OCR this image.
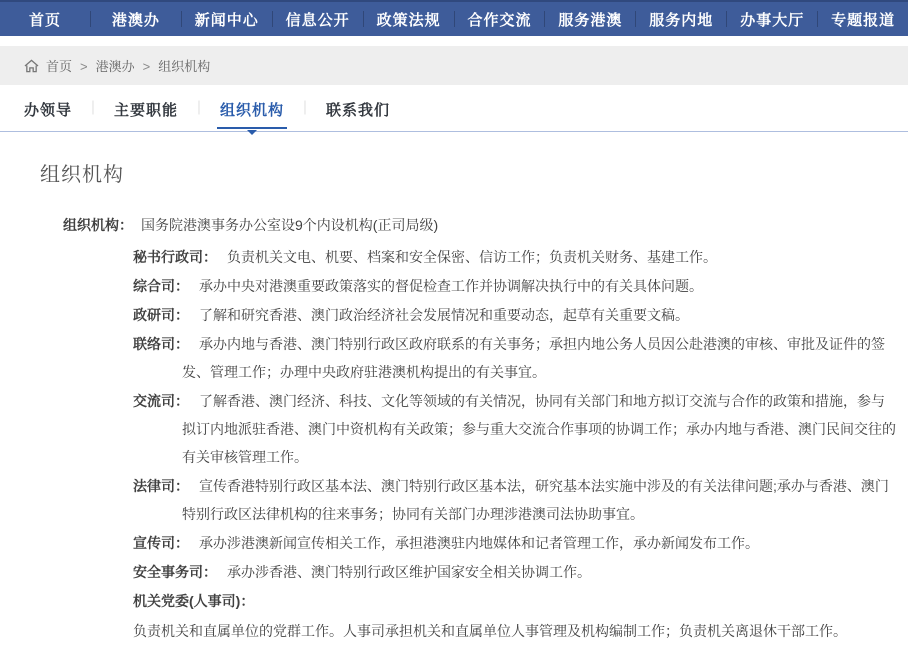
首页	港澳办	新闻中心	信息公开	政策法规	合作交流	服务港澳	服务内地	办事大厅	专题报道
首页 > 港澳办 > 组织机构
办领导 ｜ 主要职能 ｜ 组织机构 ｜ 联系我们
组织机构

组织机构： 国务院港澳事务办公室设9个内设机构(正司局级)

秘书行政司： 负责机关文电、机要、档案和安全保密、信访工作；负责机关财务、基建工作。

综合司： 承办中央对港澳重要政策落实的督促检查工作并协调解决执行中的有关具体问题。

政研司： 了解和研究香港、澳门政治经济社会发展情况和重要动态，起草有关重要文稿。

联络司： 承办内地与香港、澳门特别行政区政府联系的有关事务；承担内地公务人员因公赴港澳的审核、审批及证件的签发、管理工作；办理中央政府驻港澳机构提出的有关事宜。

交流司： 了解香港、澳门经济、科技、文化等领域的有关情况，协同有关部门和地方拟订交流与合作的政策和措施，参与拟订内地派驻香港、澳门中资机构有关政策；参与重大交流合作事项的协调工作；承办内地与香港、澳门民间交往的有关审核管理工作。

法律司： 宣传香港特别行政区基本法、澳门特别行政区基本法，研究基本法实施中涉及的有关法律问题;承办与香港、澳门特别行政区法律机构的往来事务；协同有关部门办理涉港澳司法协助事宜。

宣传司： 承办涉港澳新闻宣传相关工作，承担港澳驻内地媒体和记者管理工作，承办新闻发布工作。

安全事务司： 承办涉香港、澳门特别行政区维护国家安全相关协调工作。

机关党委(人事司)：
负责机关和直属单位的党群工作。人事司承担机关和直属单位人事管理及机构编制工作；负责机关离退休干部工作。
